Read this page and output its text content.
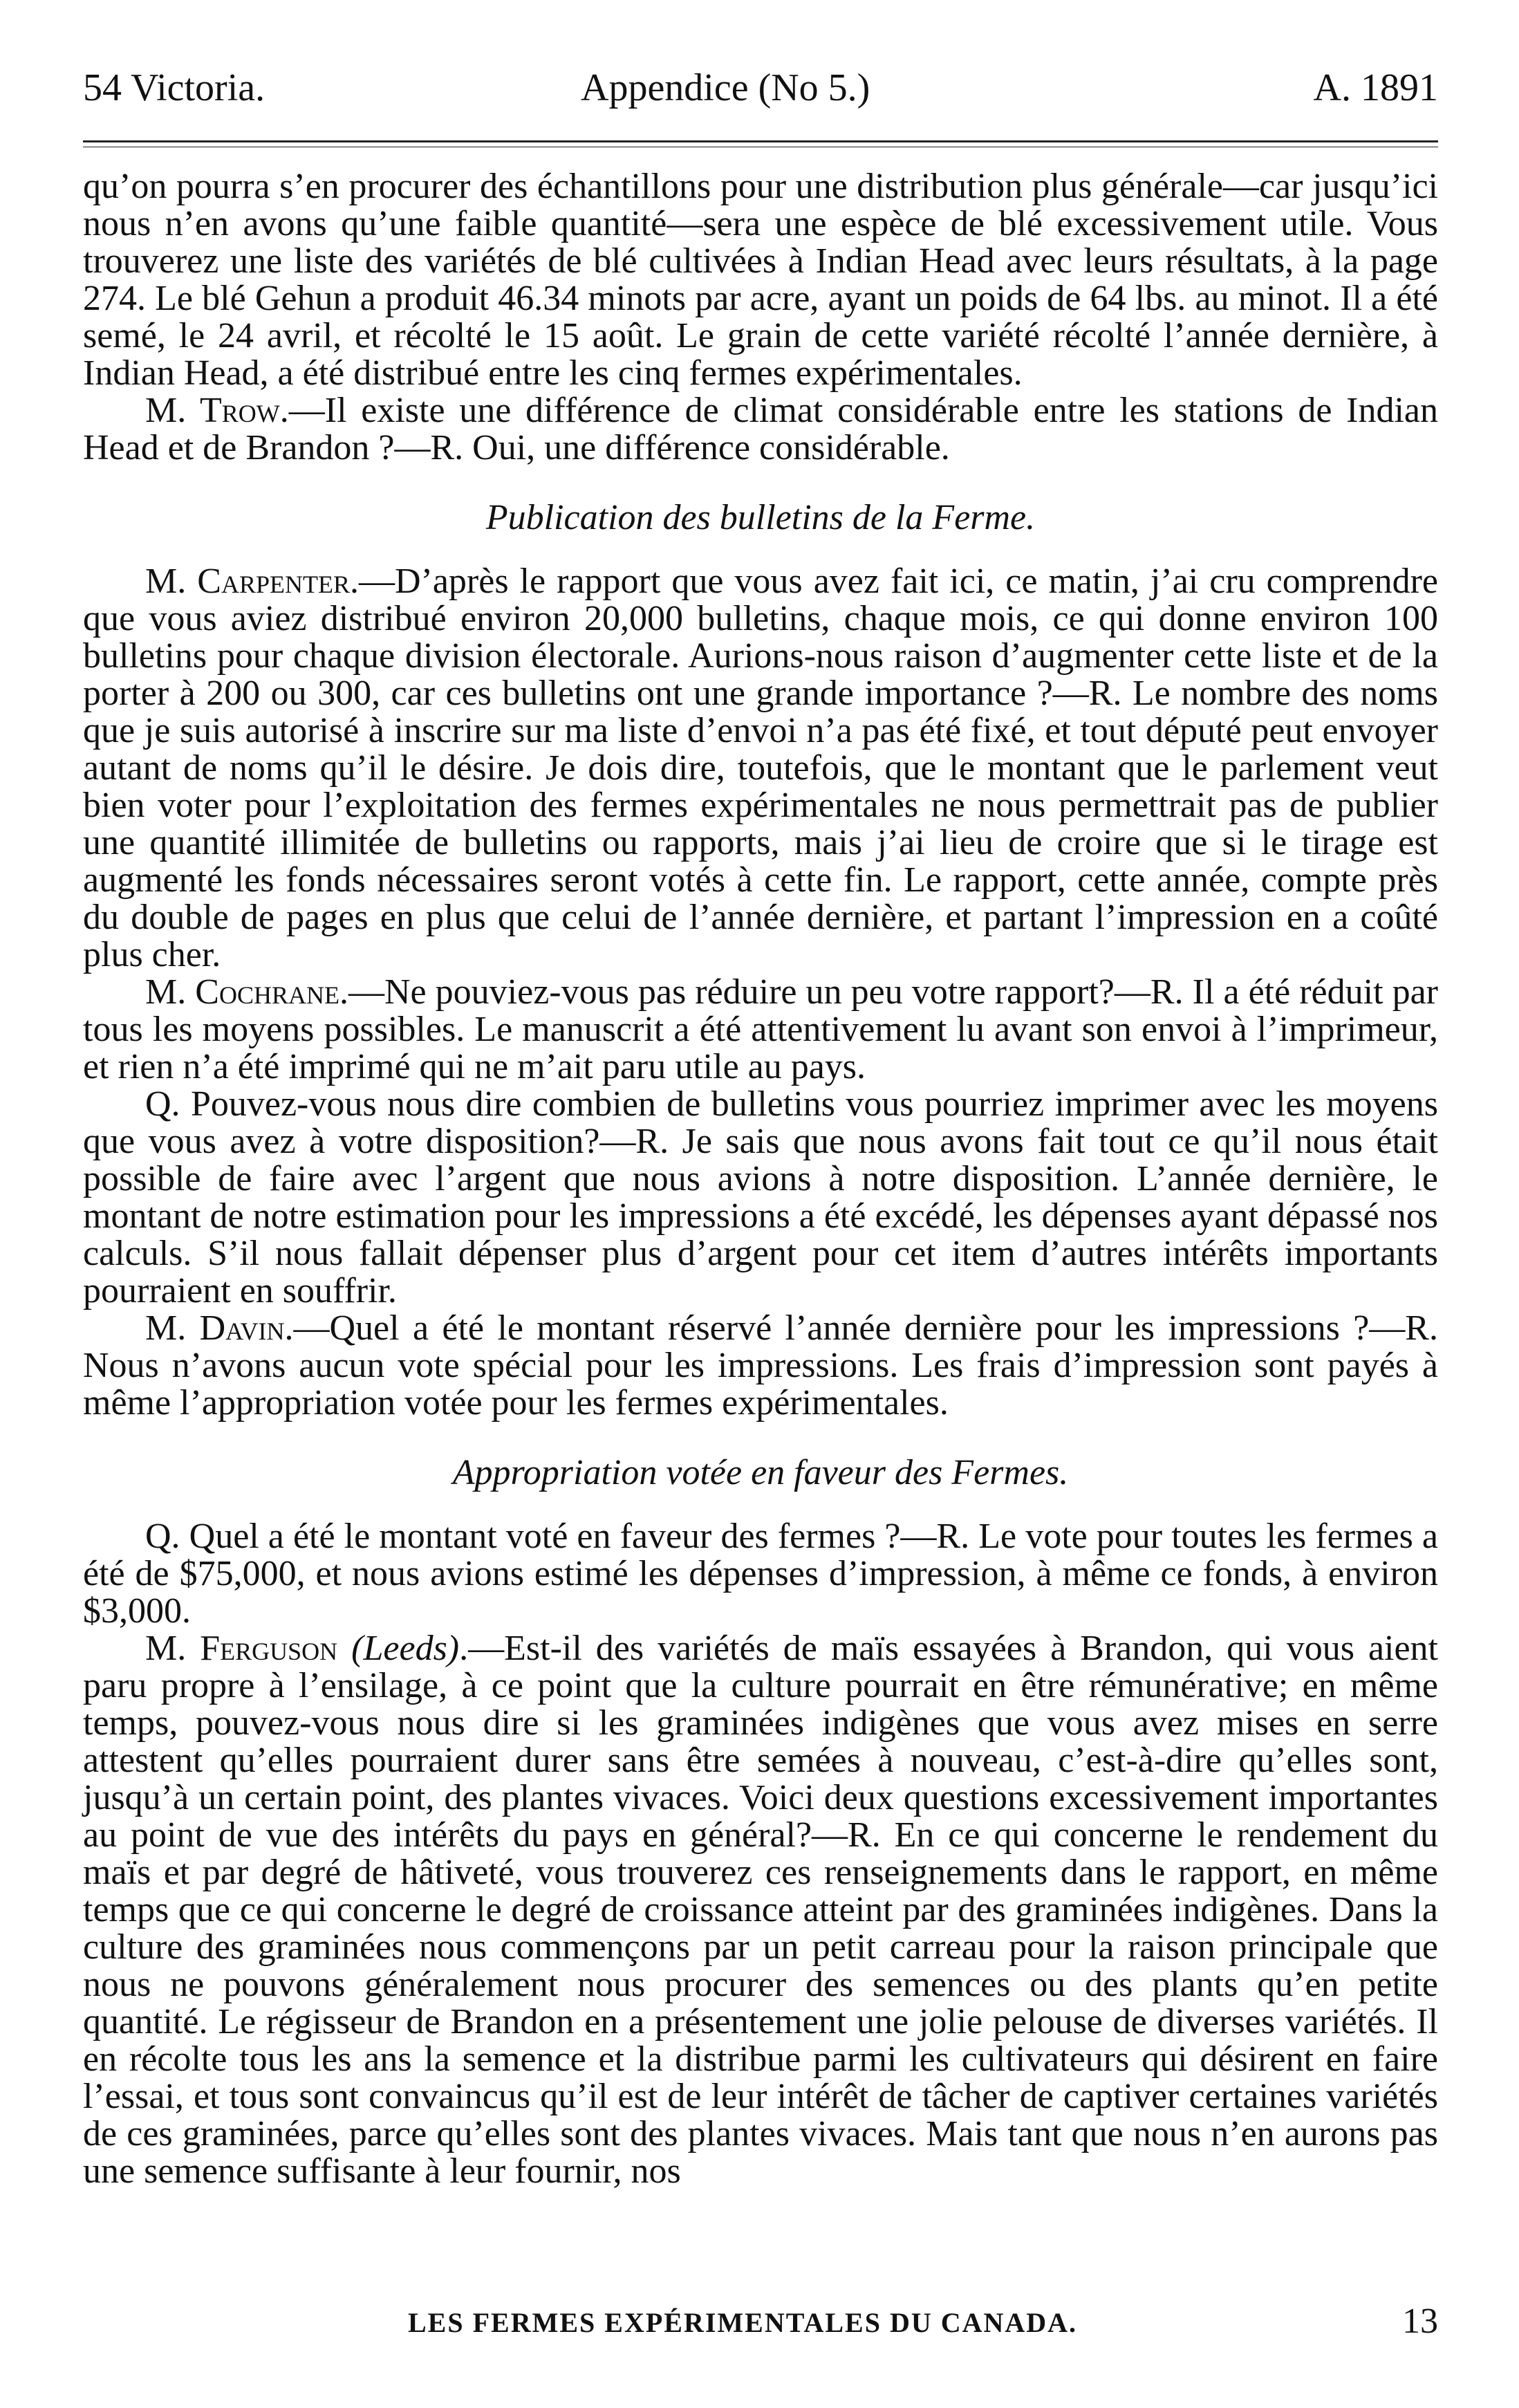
54 Victoria.	Appendice (No 5.)	A. 1891

qu’on pourra s’en procurer des échantillons pour une distribution plus générale—car jusqu’ici nous n’en avons qu’une faible quantité—sera une espèce de blé excessivement utile. Vous trouverez une liste des variétés de blé cultivées à Indian Head avec leurs résultats, à la page 274. Le blé Gehun a produit 46.34 minots par acre, ayant un poids de 64 lbs. au minot. Il a été semé, le 24 avril, et récolté le 15 août. Le grain de cette variété récolté l’année dernière, à Indian Head, a été distribué entre les cinq fermes expérimentales.

M. Trow.—Il existe une différence de climat considérable entre les stations de Indian Head et de Brandon ?—R. Oui, une différence considérable.

Publication des bulletins de la Ferme.

M. Carpenter.—D’après le rapport que vous avez fait ici, ce matin, j’ai cru comprendre que vous aviez distribué environ 20,000 bulletins, chaque mois, ce qui donne environ 100 bulletins pour chaque division électorale. Aurions-nous raison d’augmenter cette liste et de la porter à 200 ou 300, car ces bulletins ont une grande importance ?—R. Le nombre des noms que je suis autorisé à inscrire sur ma liste d’envoi n’a pas été fixé, et tout député peut envoyer autant de noms qu’il le désire. Je dois dire, toutefois, que le montant que le parlement veut bien voter pour l’exploitation des fermes expérimentales ne nous permettrait pas de publier une quantité illimitée de bulletins ou rapports, mais j’ai lieu de croire que si le tirage est augmenté les fonds nécessaires seront votés à cette fin. Le rapport, cette année, compte près du double de pages en plus que celui de l’année dernière, et partant l’impression en a coûté plus cher.

M. Cochrane.—Ne pouviez-vous pas réduire un peu votre rapport?—R. Il a été réduit par tous les moyens possibles. Le manuscrit a été attentivement lu avant son envoi à l’imprimeur, et rien n’a été imprimé qui ne m’ait paru utile au pays.

Q. Pouvez-vous nous dire combien de bulletins vous pourriez imprimer avec les moyens que vous avez à votre disposition?—R. Je sais que nous avons fait tout ce qu’il nous était possible de faire avec l’argent que nous avions à notre disposition. L’année dernière, le montant de notre estimation pour les impressions a été excédé, les dépenses ayant dépassé nos calculs. S’il nous fallait dépenser plus d’argent pour cet item d’autres intérêts importants pourraient en souffrir.

M. Davin.—Quel a été le montant réservé l’année dernière pour les impressions ?—R. Nous n’avons aucun vote spécial pour les impressions. Les frais d’impression sont payés à même l’appropriation votée pour les fermes expérimentales.

Appropriation votée en faveur des Fermes.

Q. Quel a été le montant voté en faveur des fermes ?—R. Le vote pour toutes les fermes a été de $75,000, et nous avions estimé les dépenses d’impression, à même ce fonds, à environ $3,000.

M. Ferguson (Leeds).—Est-il des variétés de maïs essayées à Brandon, qui vous aient paru propre à l’ensilage, à ce point que la culture pourrait en être rémunérative; en même temps, pouvez-vous nous dire si les graminées indigènes que vous avez mises en serre attestent qu’elles pourraient durer sans être semées à nouveau, c’est-à-dire qu’elles sont, jusqu’à un certain point, des plantes vivaces. Voici deux questions excessivement importantes au point de vue des intérêts du pays en général?—R. En ce qui concerne le rendement du maïs et par degré de hâtiveté, vous trouverez ces renseignements dans le rapport, en même temps que ce qui concerne le degré de croissance atteint par des graminées indigènes. Dans la culture des graminées nous commençons par un petit carreau pour la raison principale que nous ne pouvons généralement nous procurer des semences ou des plants qu’en petite quantité. Le régisseur de Brandon en a présentement une jolie pelouse de diverses variétés. Il en récolte tous les ans la semence et la distribue parmi les cultivateurs qui désirent en faire l’essai, et tous sont convaincus qu’il est de leur intérêt de tâcher de captiver certaines variétés de ces graminées, parce qu’elles sont des plantes vivaces. Mais tant que nous n’en aurons pas une semence suffisante à leur fournir, nos

LES FERMES EXPÉRIMENTALES DU CANADA.	13
